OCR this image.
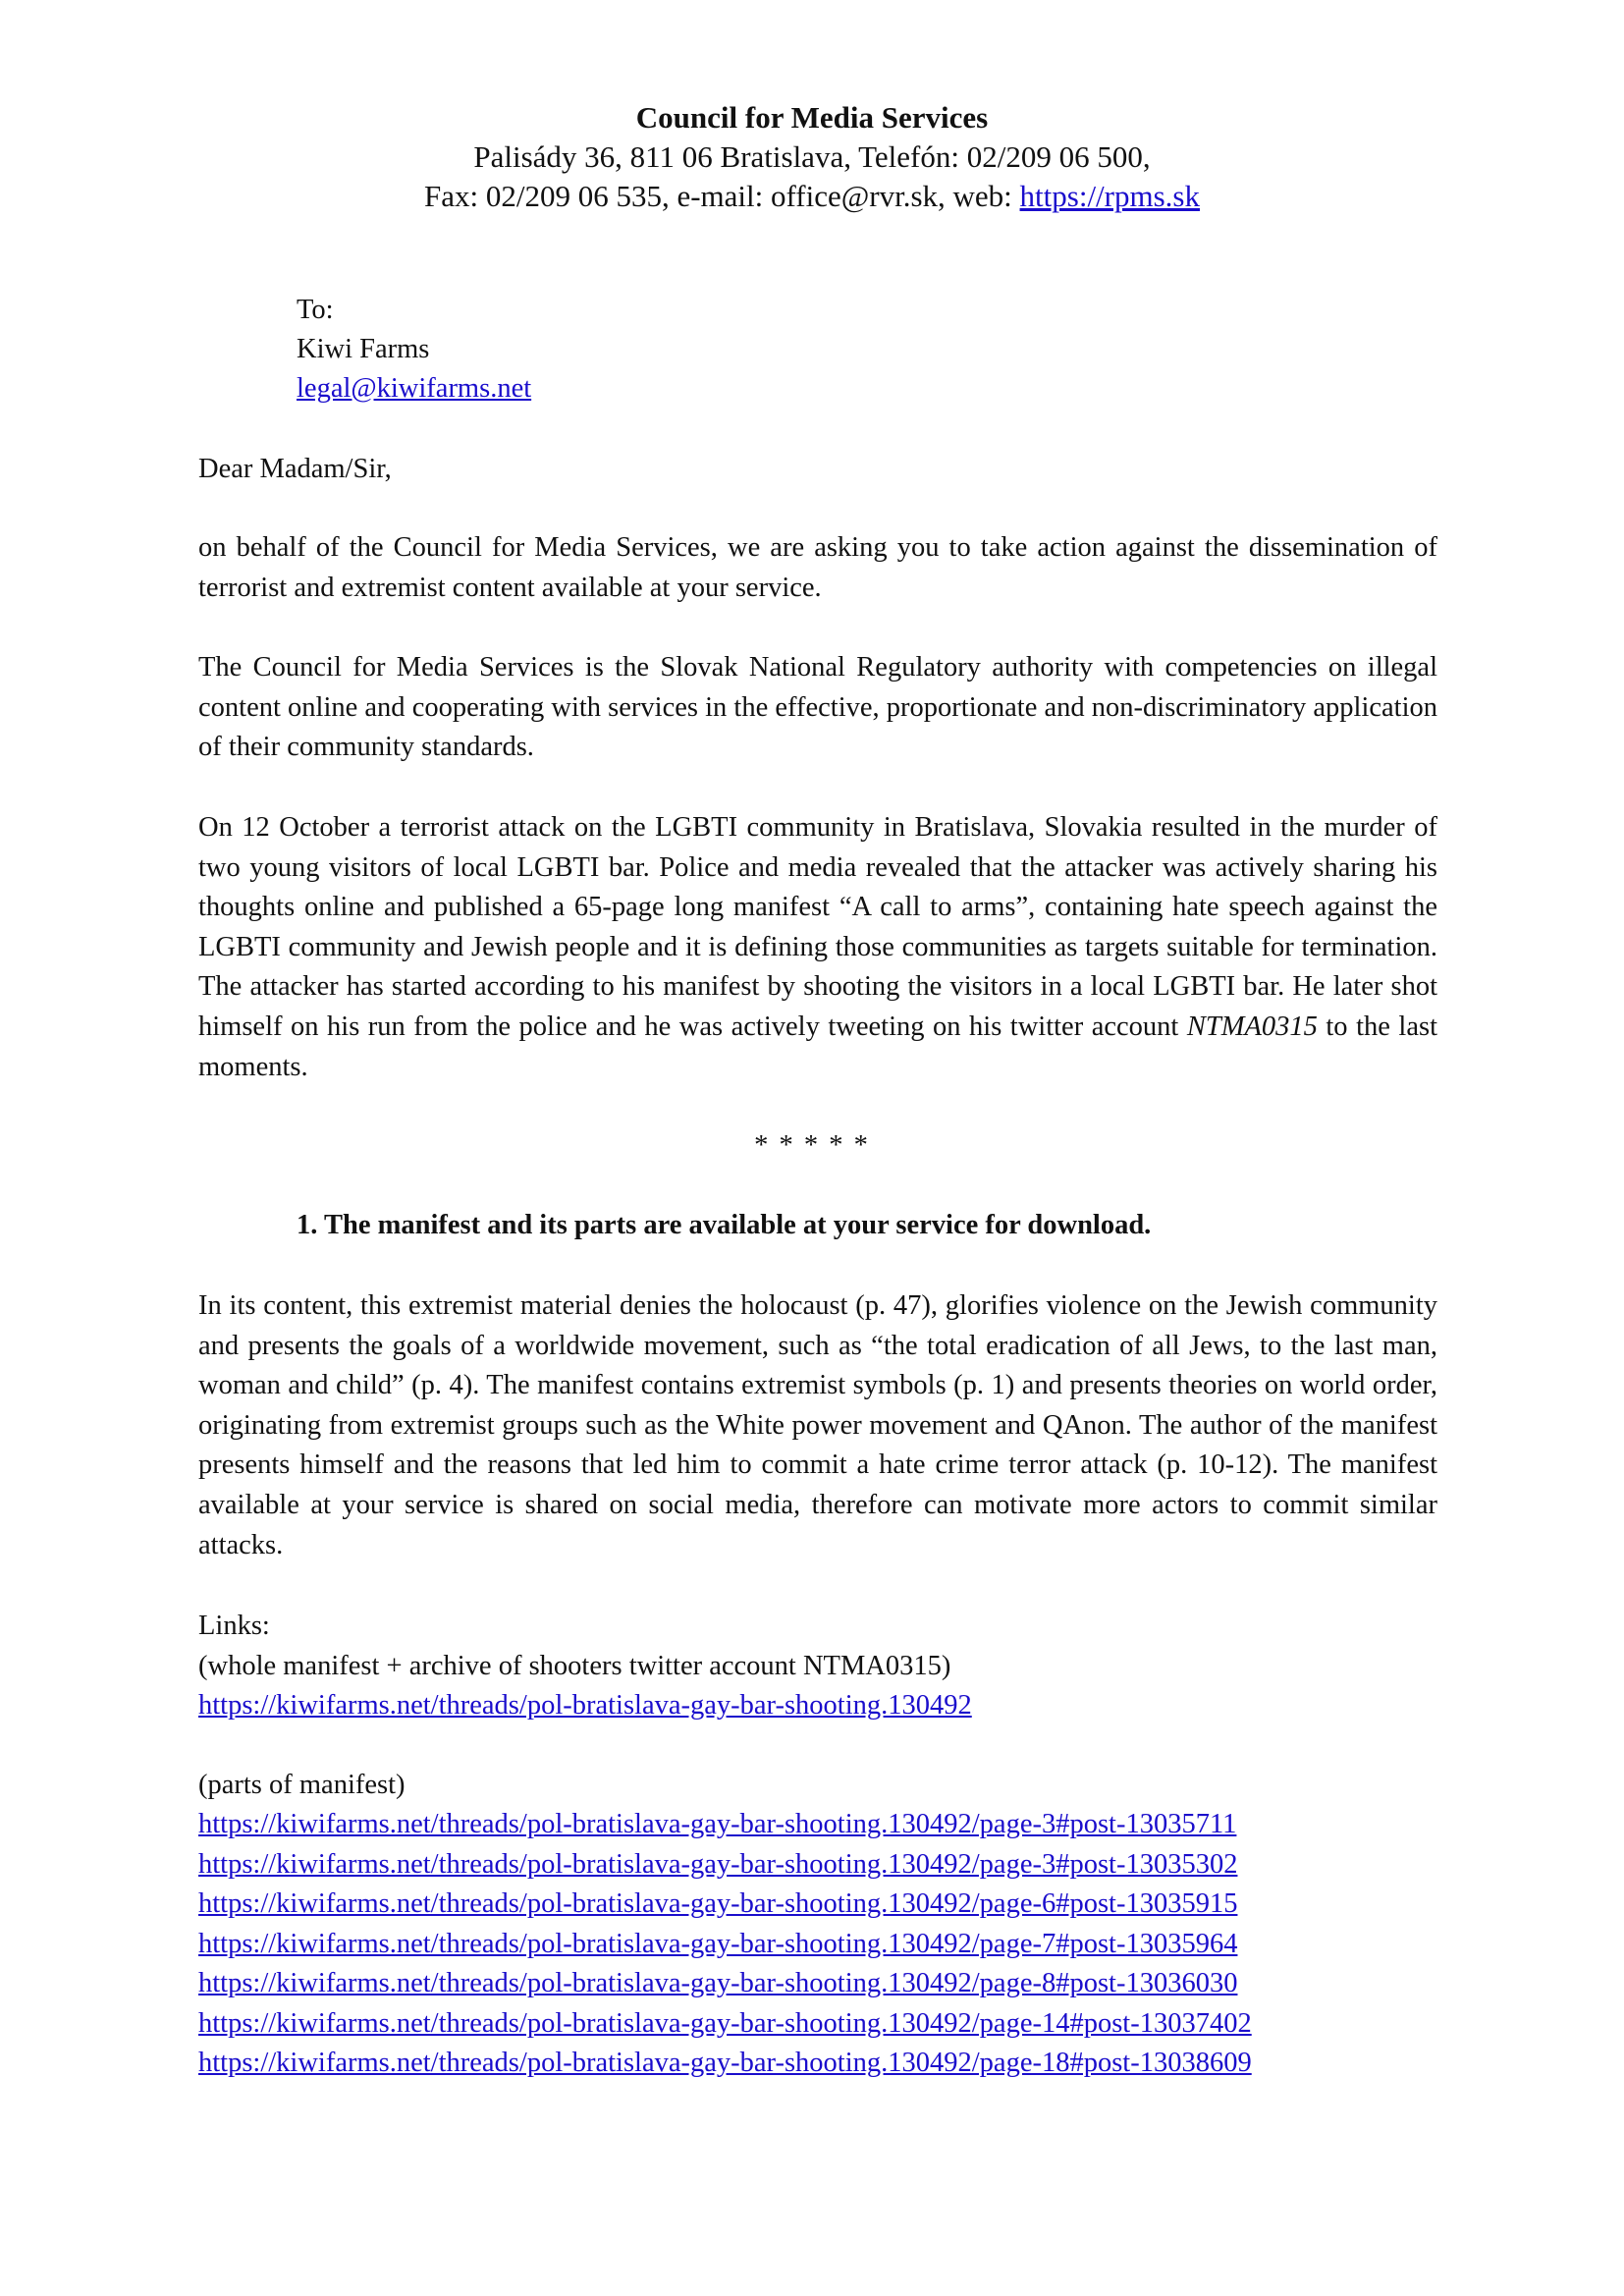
Council for Media Services
Palisády 36, 811 06 Bratislava, Telefón: 02/209 06 500,
Fax: 02/209 06 535, e-mail: office@rvr.sk, web: https://rpms.sk
To:
Kiwi Farms
legal@kiwifarms.net
Dear Madam/Sir,
on behalf of the Council for Media Services, we are asking you to take action against the dissemination of terrorist and extremist content available at your service.
The Council for Media Services is the Slovak National Regulatory authority with competencies on illegal content online and cooperating with services in the effective, proportionate and non-discriminatory application of their community standards.
On 12 October a terrorist attack on the LGBTI community in Bratislava, Slovakia resulted in the murder of two young visitors of local LGBTI bar. Police and media revealed that the attacker was actively sharing his thoughts online and published a 65-page long manifest “A call to arms”, containing hate speech against the LGBTI community and Jewish people and it is defining those communities as targets suitable for termination. The attacker has started according to his manifest by shooting the visitors in a local LGBTI bar. He later shot himself on his run from the police and he was actively tweeting on his twitter account NTMA0315 to the last moments.
* * * * *
1. The manifest and its parts are available at your service for download.
In its content, this extremist material denies the holocaust (p. 47), glorifies violence on the Jewish community and presents the goals of a worldwide movement, such as “the total eradication of all Jews, to the last man, woman and child” (p. 4). The manifest contains extremist symbols (p. 1) and presents theories on world order, originating from extremist groups such as the White power movement and QAnon. The author of the manifest presents himself and the reasons that led him to commit a hate crime terror attack (p. 10-12). The manifest available at your service is shared on social media, therefore can motivate more actors to commit similar attacks.
Links:
(whole manifest + archive of shooters twitter account NTMA0315)
https://kiwifarms.net/threads/pol-bratislava-gay-bar-shooting.130492
(parts of manifest)
https://kiwifarms.net/threads/pol-bratislava-gay-bar-shooting.130492/page-3#post-13035711
https://kiwifarms.net/threads/pol-bratislava-gay-bar-shooting.130492/page-3#post-13035302
https://kiwifarms.net/threads/pol-bratislava-gay-bar-shooting.130492/page-6#post-13035915
https://kiwifarms.net/threads/pol-bratislava-gay-bar-shooting.130492/page-7#post-13035964
https://kiwifarms.net/threads/pol-bratislava-gay-bar-shooting.130492/page-8#post-13036030
https://kiwifarms.net/threads/pol-bratislava-gay-bar-shooting.130492/page-14#post-13037402
https://kiwifarms.net/threads/pol-bratislava-gay-bar-shooting.130492/page-18#post-13038609
